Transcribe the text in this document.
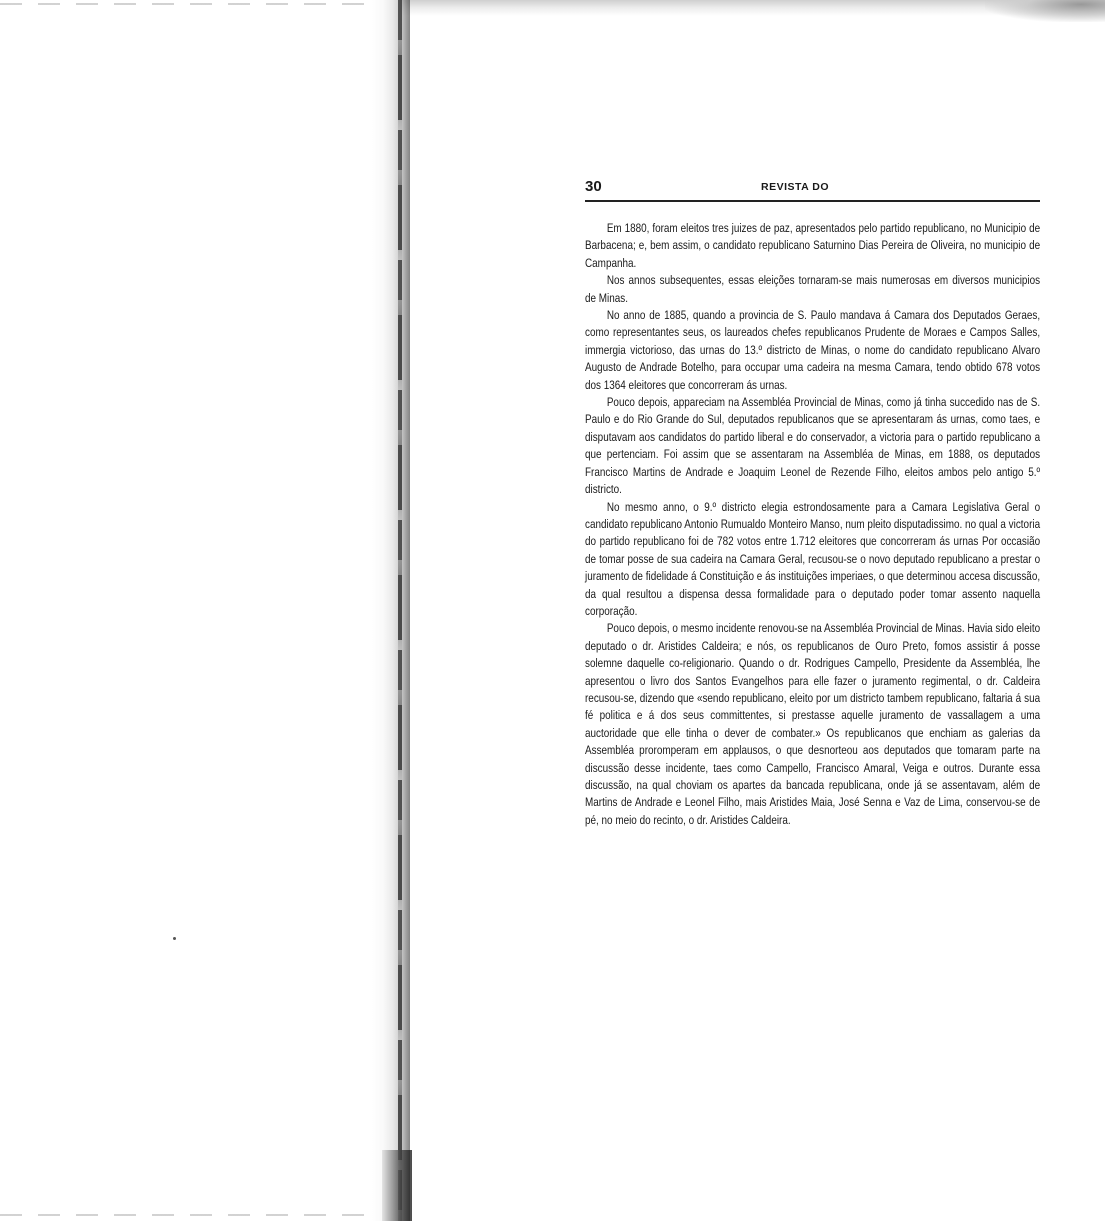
30	REVISTA DO

Em 1880, foram eleitos tres juizes de paz, apresentados pelo partido republicano, no Municipio de Barbacena; e, bem assim, o candidato republicano Saturnino Dias Pereira de Oliveira, no municipio de Campanha.

Nos annos subsequentes, essas eleições tornaram-se mais numerosas em diversos municipios de Minas.

No anno de 1885, quando a provincia de S. Paulo mandava á Camara dos Deputados Geraes, como representantes seus, os laureados chefes republicanos Prudente de Moraes e Campos Salles, immergia victorioso, das urnas do 13.º districto de Minas, o nome do candidato republicano Alvaro Augusto de Andrade Botelho, para occupar uma cadeira na mesma Camara, tendo obtido 678 votos dos 1364 eleitores que concorreram ás urnas.

Pouco depois, appareciam na Assembléa Provincial de Minas, como já tinha succedido nas de S. Paulo e do Rio Grande do Sul, deputados republicanos que se apresentaram ás urnas, como taes, e disputavam aos candidatos do partido liberal e do conservador, a victoria para o partido republicano a que pertenciam. Foi assim que se assentaram na Assembléa de Minas, em 1888, os deputados Francisco Martins de Andrade e Joaquim Leonel de Rezende Filho, eleitos ambos pelo antigo 5.º districto.

No mesmo anno, o 9.º districto elegia estrondosamente para a Camara Legislativa Geral o candidato republicano Antonio Rumualdo Monteiro Manso, num pleito disputadissimo. no qual a victoria do partido republicano foi de 782 votos entre 1.712 eleitores que concorreram ás urnas Por occasião de tomar posse de sua cadeira na Camara Geral, recusou-se o novo deputado republicano a prestar o juramento de fidelidade á Constituição e ás instituições imperiaes, o que determinou accesa discussão, da qual resultou a dispensa dessa formalidade para o deputado poder tomar assento naquella corporação.

Pouco depois, o mesmo incidente renovou-se na Assembléa Provincial de Minas. Havia sido eleito deputado o dr. Aristides Caldeira; e nós, os republicanos de Ouro Preto, fomos assistir á posse solemne daquelle co-religionario. Quando o dr. Rodrigues Campello, Presidente da Assembléa, lhe apresentou o livro dos Santos Evangelhos para elle fazer o juramento regimental, o dr. Caldeira recusou-se, dizendo que «sendo republicano, eleito por um districto tambem republicano, faltaria á sua fé politica e á dos seus committentes, si prestasse aquelle juramento de vassallagem a uma auctoridade que elle tinha o dever de combater.» Os republicanos que enchiam as galerias da Assembléa proromperam em applausos, o que desnorteou aos deputados que tomaram parte na discussão desse incidente, taes como Campello, Francisco Amaral, Veiga e outros. Durante essa discussão, na qual choviam os apartes da bancada republicana, onde já se assentavam, além de Martins de Andrade e Leonel Filho, mais Aristides Maia, José Senna e Vaz de Lima, conservou-se de pé, no meio do recinto, o dr. Aristides Caldeira.
